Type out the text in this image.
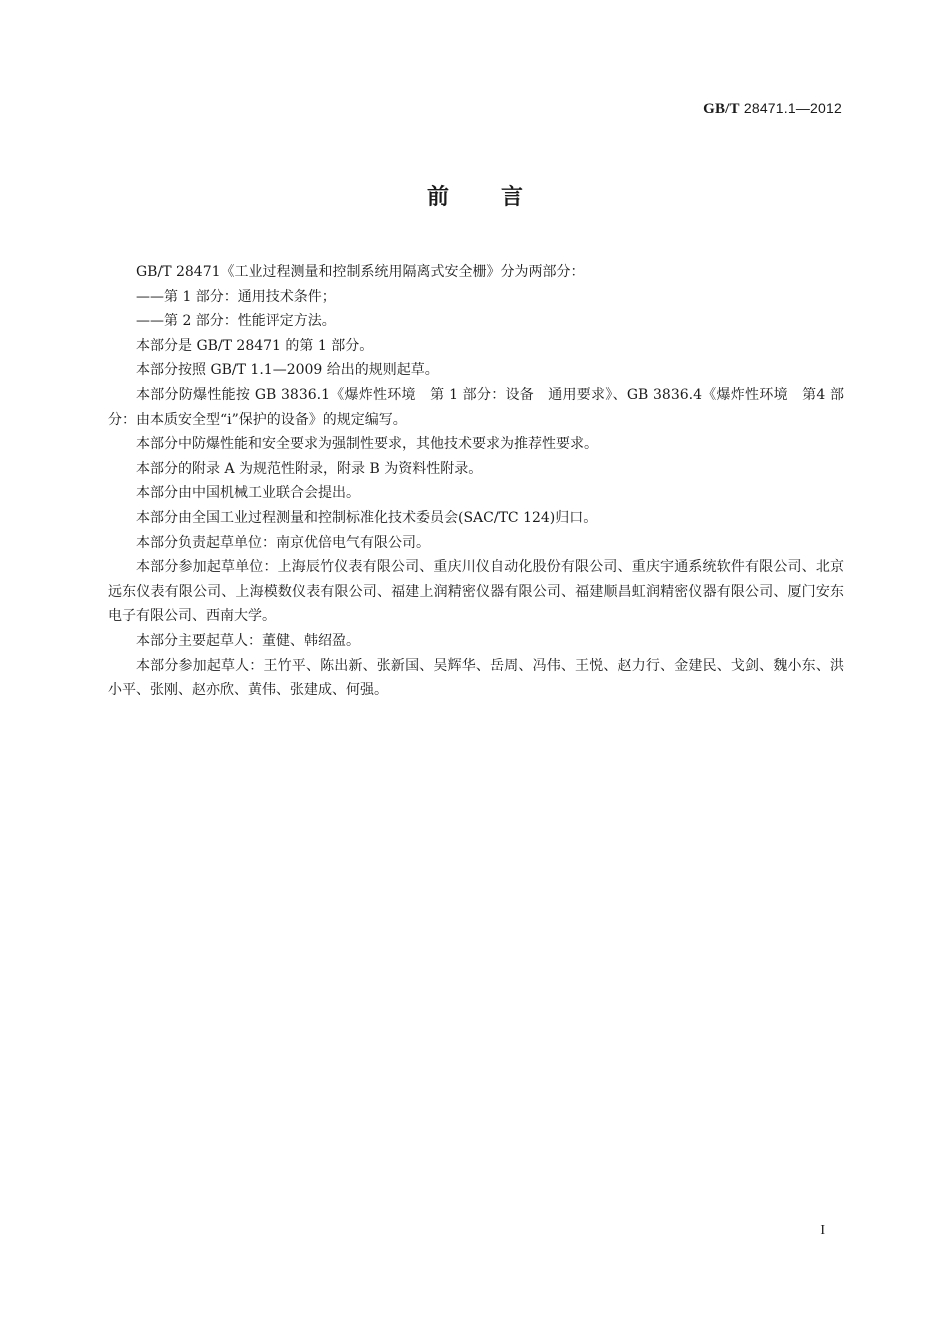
GB/T 28471.1—2012
前言

GB/T 28471《工业过程测量和控制系统用隔离式安全栅》分为两部分：

——第 1 部分：通用技术条件；

——第 2 部分：性能评定方法。

本部分是 GB/T 28471 的第 1 部分。

本部分按照 GB/T 1.1—2009 给出的规则起草。

本部分防爆性能按 GB 3836.1《爆炸性环境　第 1 部分：设备　通用要求》、GB 3836.4《爆炸性环境　第4 部分：由本质安全型“i”保护的设备》的规定编写。

本部分中防爆性能和安全要求为强制性要求，其他技术要求为推荐性要求。

本部分的附录 A 为规范性附录，附录 B 为资料性附录。

本部分由中国机械工业联合会提出。

本部分由全国工业过程测量和控制标准化技术委员会(SAC/TC 124)归口。

本部分负责起草单位：南京优倍电气有限公司。

本部分参加起草单位：上海辰竹仪表有限公司、重庆川仪自动化股份有限公司、重庆宇通系统软件有限公司、北京远东仪表有限公司、上海模数仪表有限公司、福建上润精密仪器有限公司、福建顺昌虹润精密仪器有限公司、厦门安东电子有限公司、西南大学。

本部分主要起草人：董健、韩绍盈。

本部分参加起草人：王竹平、陈出新、张新国、吴辉华、岳周、冯伟、王悦、赵力行、金建民、戈剑、魏小东、洪小平、张刚、赵亦欣、黄伟、张建成、何强。

I
